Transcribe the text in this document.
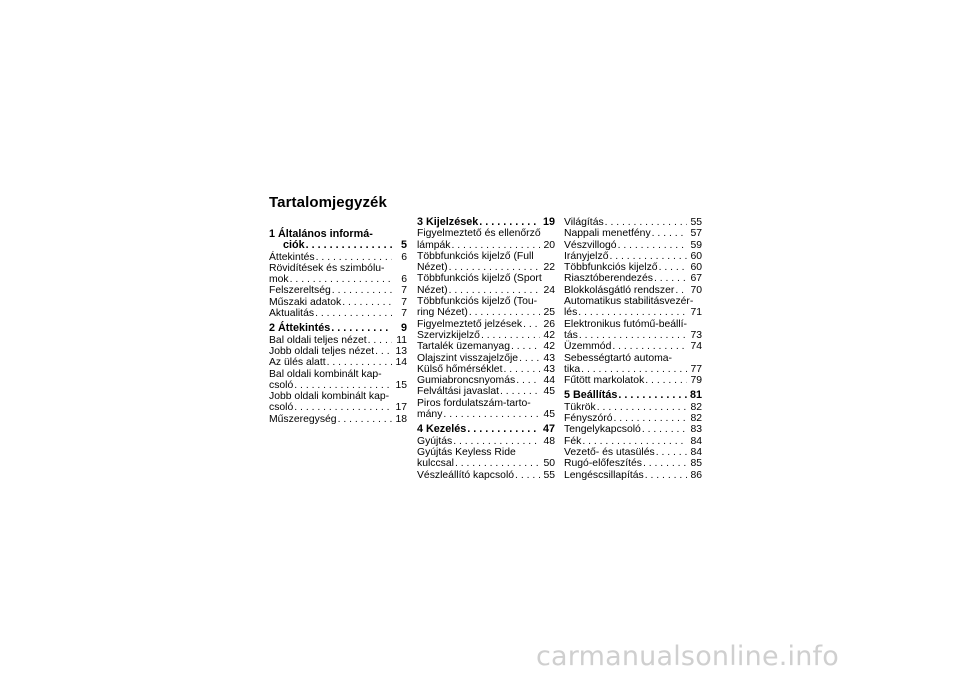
Tartalomjegyzék
1 Általános informá-
ciók . . .	5
Áttekintés . . .	6
Rövidítések és szimbólu-
mok . . .	6
Felszereltség . . .	7
Műszaki adatok . . .	7
Aktualitás . . .	7
2 Áttekintés . . .	9
Bal oldali teljes nézet . . .	11
Jobb oldali teljes nézet . . . 13
Az ülés alatt . . .	14
Bal oldali kombinált kap-
csoló . . .	15
Jobb oldali kombinált kap-
csoló . . .	17
Műszeregység . . .	18
3 Kijelzések . . .	19
Figyelmeztető és ellenőrző
lámpák . . .	20
Többfunkciós kijelző (Full
Nézet) . . .	22
Többfunkciós kijelző (Sport
Nézet) . . .	24
Többfunkciós kijelző (Tou-
ring Nézet) . . .	25
Figyelmeztető jelzések . . . 26
Szervizkijelző . . .	42
Tartalék üzemanyag . . .	42
Olajszint visszajelzője . . . 43
Külső hőmérséklet . . .	43
Gumiabroncsnyomás . . .	44
Felváltási javaslat . . .	45
Piros fordulatszám-tarto-
mány . . .	45
4 Kezelés . . .	47
Gyújtás . . .	48
Gyújtás Keyless Ride
kulccsal . . .	50
Vészleállító kapcsoló . . .	55
Világítás . . .	55
Nappali menetfény . . .	57
Vészvillogó . . .	59
Irányjelző . . .	60
Többfunkciós kijelző . . .	60
Riasztóberendezés . . .	67
Blokkolásgátló rendszer . . . 70
Automatikus stabilitásvezér-
lés . . .	71
Elektronikus futómű-beállí-
tás . . .	73
Üzemmód . . .	74
Sebességtartó automa-
tika . . .	77
Fűtött markolatok . . .	79
5 Beállítás . . .	81
Tükrök . . .	82
Fényszóró . . .	82
Tengelykapcsoló . . .	83
Fék . . .	84
Vezető- és utasülés . . .	84
Rugó-előfeszítés . . .	85
Lengéscsillapítás . . .	86
carmanualsonline.info
